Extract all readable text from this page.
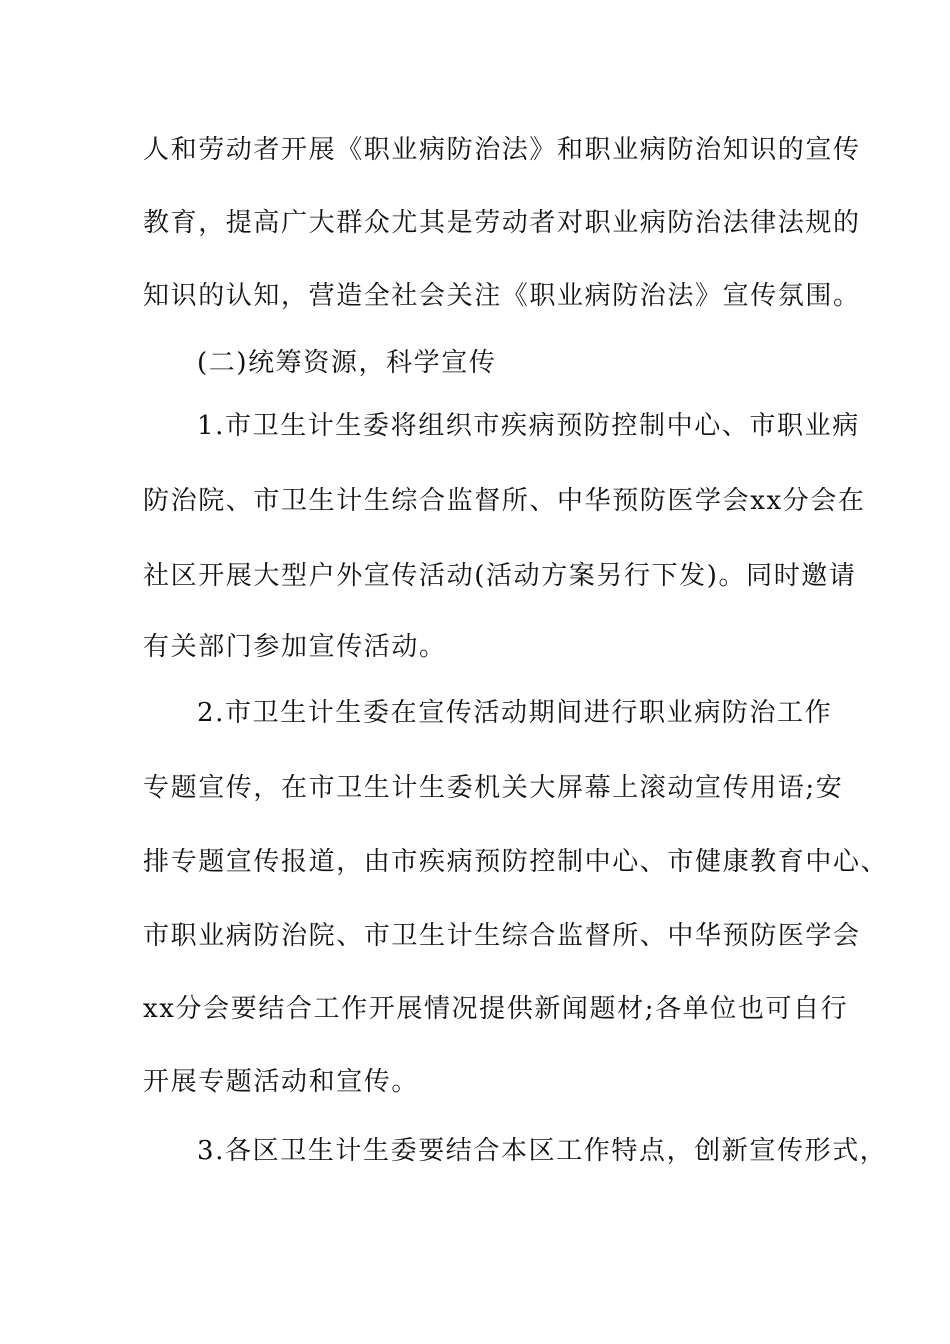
人和劳动者开展《职业病防治法》和职业病防治知识的宣传
教育，提高广大群众尤其是劳动者对职业病防治法律法规的
知识的认知，营造全社会关注《职业病防治法》宣传氛围。
(二)统筹资源，科学宣传
1.市卫生计生委将组织市疾病预防控制中心、市职业病
防治院、市卫生计生综合监督所、中华预防医学会xx分会在
社区开展大型户外宣传活动(活动方案另行下发)。同时邀请
有关部门参加宣传活动。
2.市卫生计生委在宣传活动期间进行职业病防治工作
专题宣传，在市卫生计生委机关大屏幕上滚动宣传用语;安
排专题宣传报道，由市疾病预防控制中心、市健康教育中心、
市职业病防治院、市卫生计生综合监督所、中华预防医学会
xx分会要结合工作开展情况提供新闻题材;各单位也可自行
开展专题活动和宣传。
3.各区卫生计生委要结合本区工作特点，创新宣传形式，
